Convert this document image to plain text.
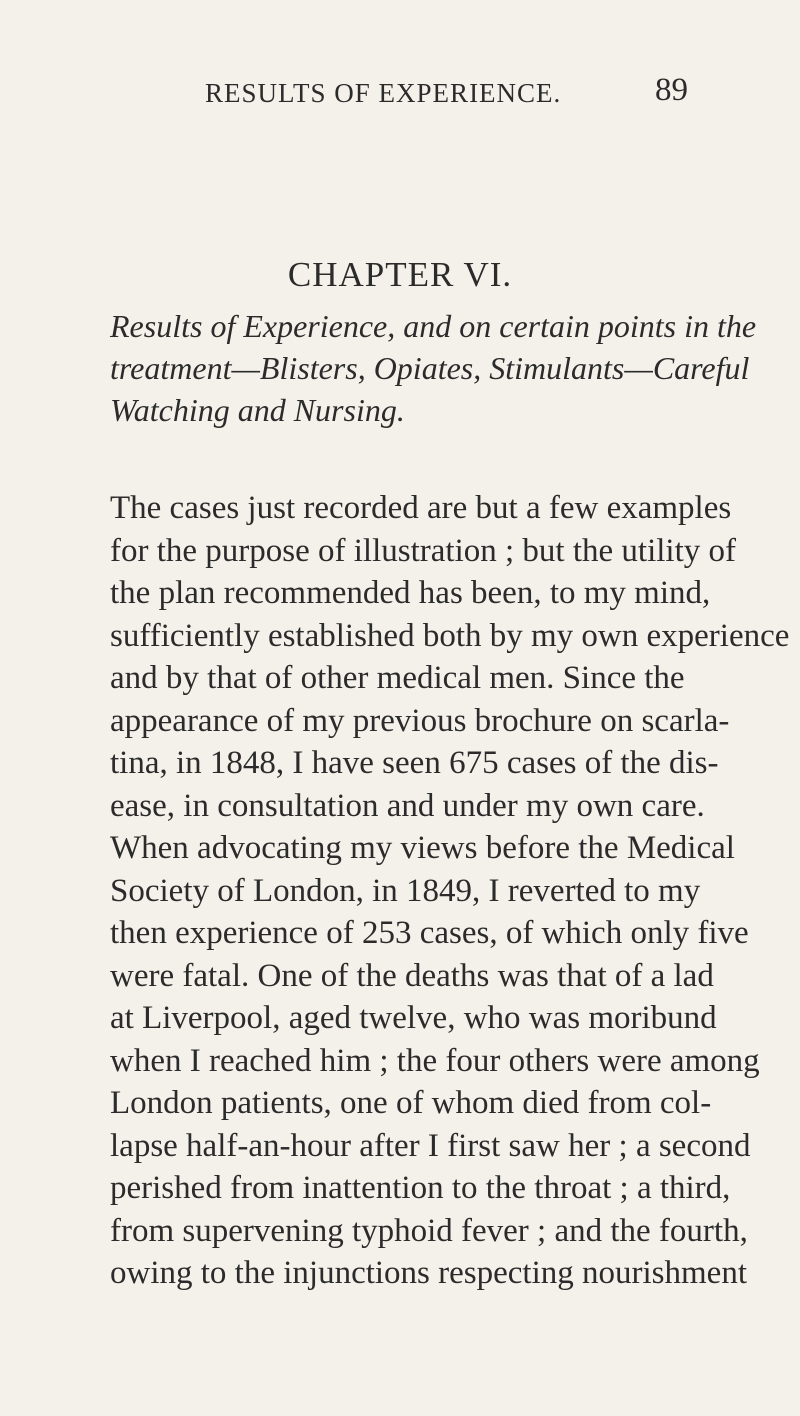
RESULTS OF EXPERIENCE.	89
CHAPTER VI.
Results of Experience, and on certain points in the
treatment—Blisters, Opiates, Stimulants—Careful
Watching and Nursing.
The cases just recorded are but a few examples
for the purpose of illustration ; but the utility of
the plan recommended has been, to my mind,
sufficiently established both by my own experience
and by that of other medical men. Since the
appearance of my previous brochure on scarla-
tina, in 1848, I have seen 675 cases of the dis-
ease, in consultation and under my own care.
When advocating my views before the Medical
Society of London, in 1849, I reverted to my
then experience of 253 cases, of which only five
were fatal. One of the deaths was that of a lad
at Liverpool, aged twelve, who was moribund
when I reached him ; the four others were among
London patients, one of whom died from col-
lapse half-an-hour after I first saw her ; a second
perished from inattention to the throat ; a third,
from supervening typhoid fever ; and the fourth,
owing to the injunctions respecting nourishment
